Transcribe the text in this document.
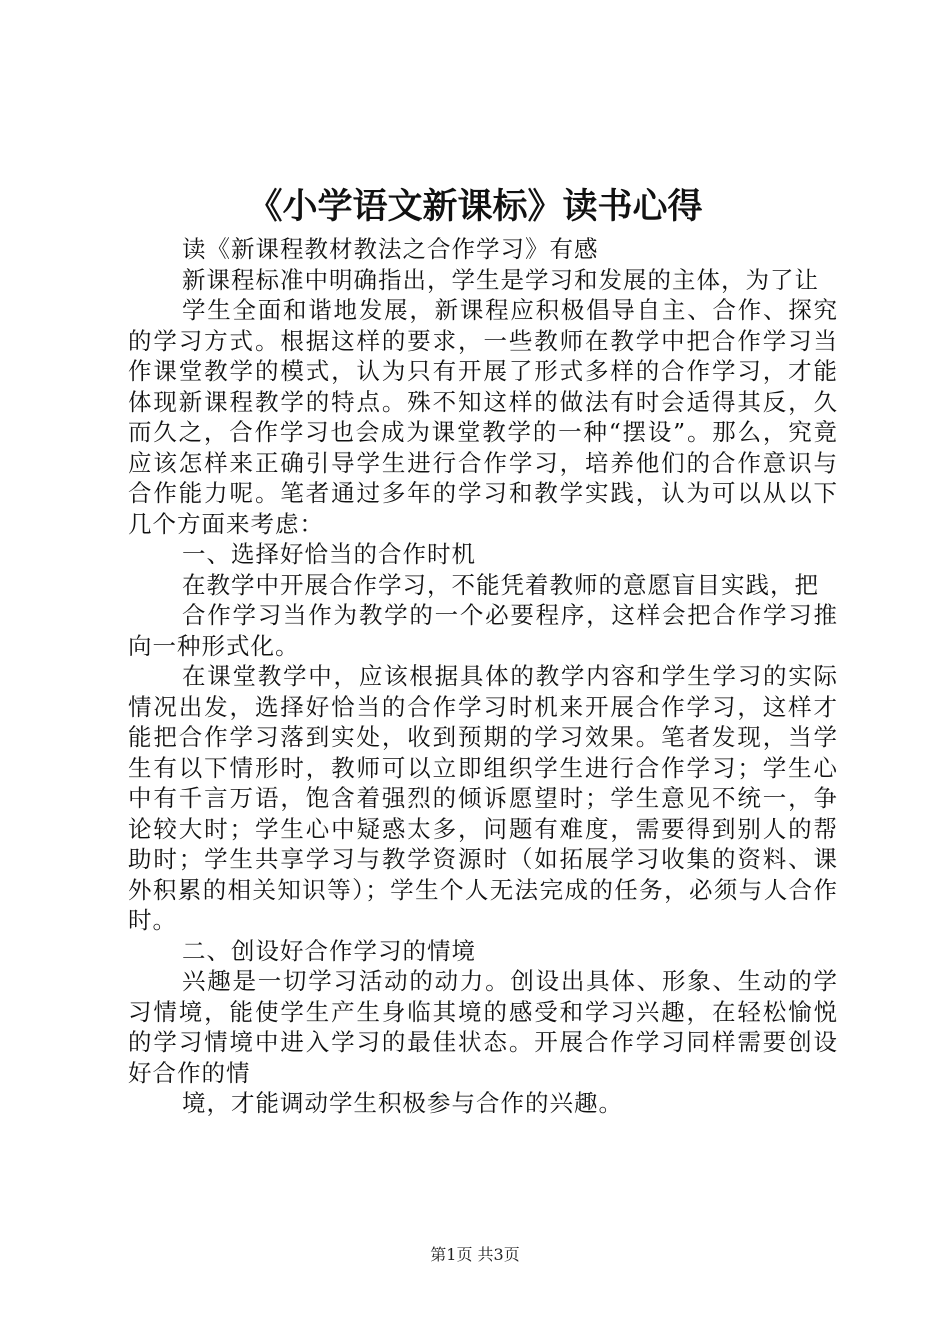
《小学语文新课标》读书心得

读《新课程教材教法之合作学习》有感

新课程标准中明确指出，学生是学习和发展的主体，为了让

学生全面和谐地发展，新课程应积极倡导自主、合作、探究的学习方式。根据这样的要求，一些教师在教学中把合作学习当作课堂教学的模式，认为只有开展了形式多样的合作学习，才能体现新课程教学的特点。殊不知这样的做法有时会适得其反，久而久之，合作学习也会成为课堂教学的一种“摆设”。那么，究竟应该怎样来正确引导学生进行合作学习，培养他们的合作意识与合作能力呢。笔者通过多年的学习和教学实践，认为可以从以下几个方面来考虑：

一、选择好恰当的合作时机

在教学中开展合作学习，不能凭着教师的意愿盲目实践，把

合作学习当作为教学的一个必要程序，这样会把合作学习推向一种形式化。

在课堂教学中，应该根据具体的教学内容和学生学习的实际情况出发，选择好恰当的合作学习时机来开展合作学习，这样才能把合作学习落到实处，收到预期的学习效果。笔者发现，当学生有以下情形时，教师可以立即组织学生进行合作学习；学生心中有千言万语，饱含着强烈的倾诉愿望时；学生意见不统一，争论较大时；学生心中疑惑太多，问题有难度，需要得到别人的帮助时；学生共享学习与教学资源时（如拓展学习收集的资料、课外积累的相关知识等）；学生个人无法完成的任务，必须与人合作时。

二、创设好合作学习的情境

兴趣是一切学习活动的动力。创设出具体、形象、生动的学习情境，能使学生产生身临其境的感受和学习兴趣，在轻松愉悦的学习情境中进入学习的最佳状态。开展合作学习同样需要创设好合作的情

境，才能调动学生积极参与合作的兴趣。

第1页 共3页
